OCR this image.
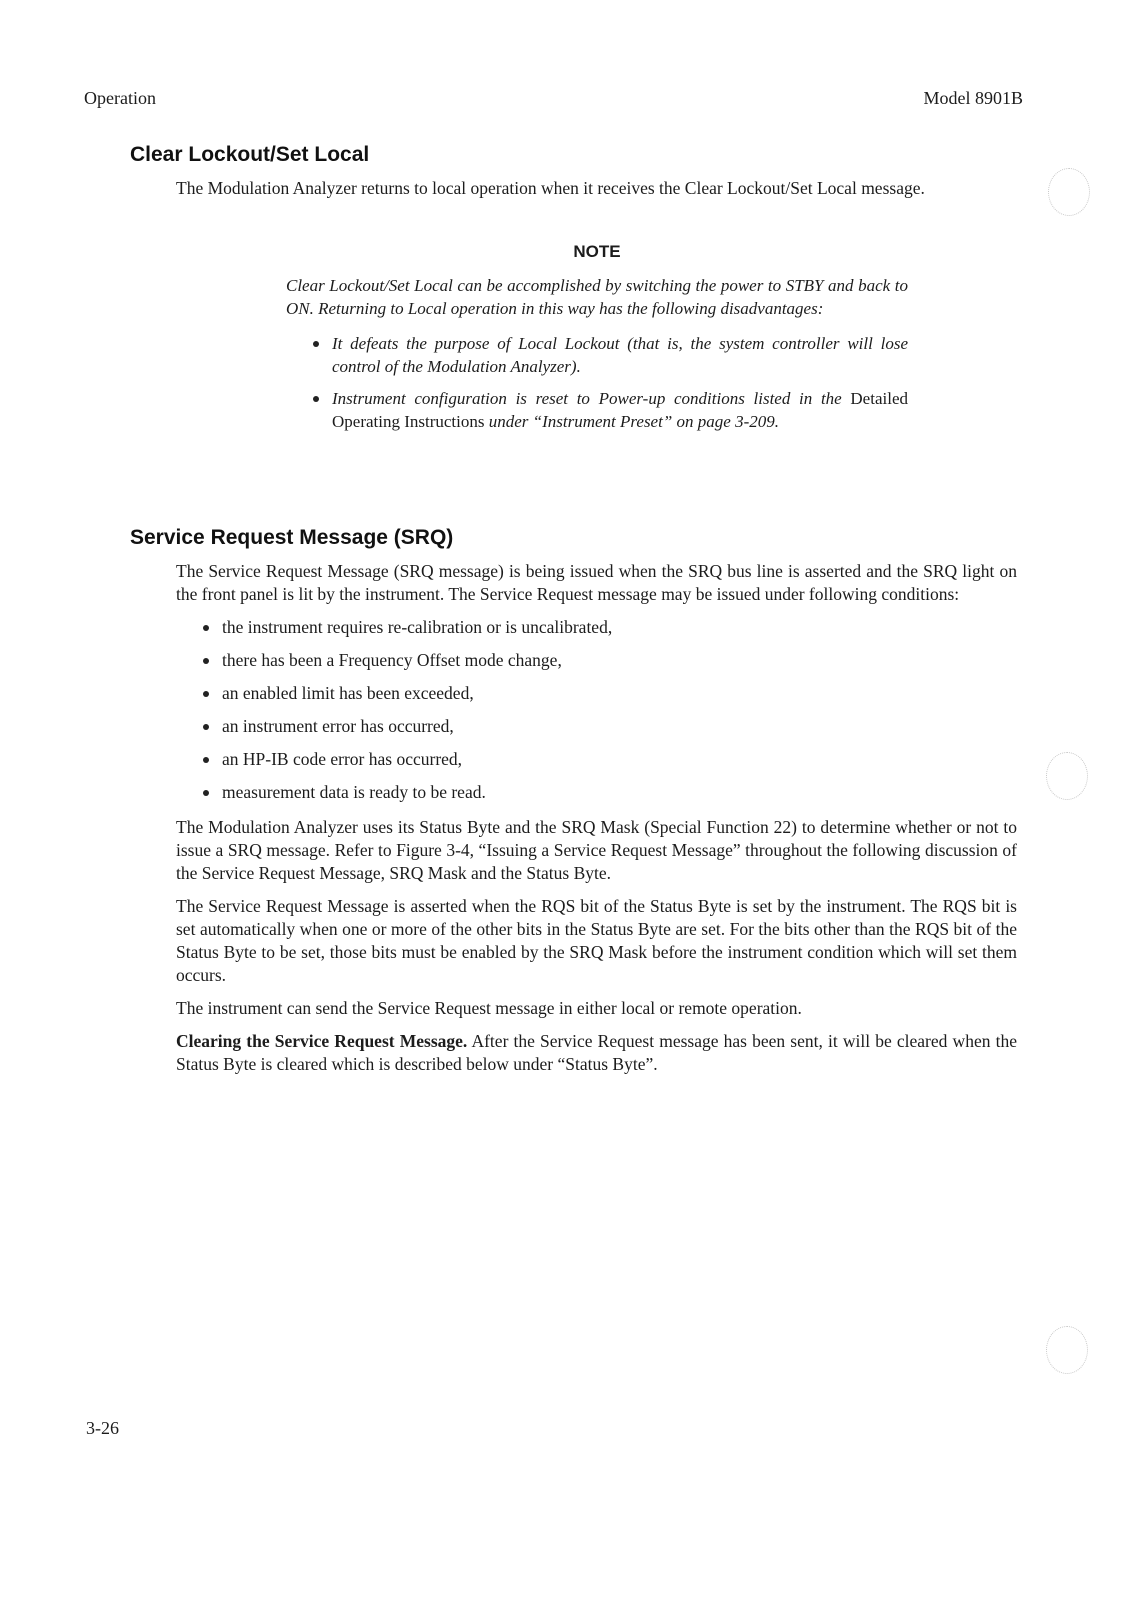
Operation	Model 8901B
Clear Lockout/Set Local
The Modulation Analyzer returns to local operation when it receives the Clear Lockout/Set Local message.
NOTE

Clear Lockout/Set Local can be accomplished by switching the power to STBY and back to ON. Returning to Local operation in this way has the following disadvantages:

It defeats the purpose of Local Lockout (that is, the system controller will lose control of the Modulation Analyzer).
Instrument configuration is reset to Power-up conditions listed in the Detailed Operating Instructions under “Instrument Preset” on page 3-209.
Service Request Message (SRQ)

The Service Request Message (SRQ message) is being issued when the SRQ bus line is asserted and the SRQ light on the front panel is lit by the instrument. The Service Request message may be issued under following conditions:

the instrument requires re-calibration or is uncalibrated,
there has been a Frequency Offset mode change,
an enabled limit has been exceeded,
an instrument error has occurred,
an HP-IB code error has occurred,
measurement data is ready to be read.

The Modulation Analyzer uses its Status Byte and the SRQ Mask (Special Function 22) to determine whether or not to issue a SRQ message. Refer to Figure 3-4, “Issuing a Service Request Message” throughout the following discussion of the Service Request Message, SRQ Mask and the Status Byte.

The Service Request Message is asserted when the RQS bit of the Status Byte is set by the instrument. The RQS bit is set automatically when one or more of the other bits in the Status Byte are set. For the bits other than the RQS bit of the Status Byte to be set, those bits must be enabled by the SRQ Mask before the instrument condition which will set them occurs.

The instrument can send the Service Request message in either local or remote operation.

Clearing the Service Request Message. After the Service Request message has been sent, it will be cleared when the Status Byte is cleared which is described below under “Status Byte”.

3-26
